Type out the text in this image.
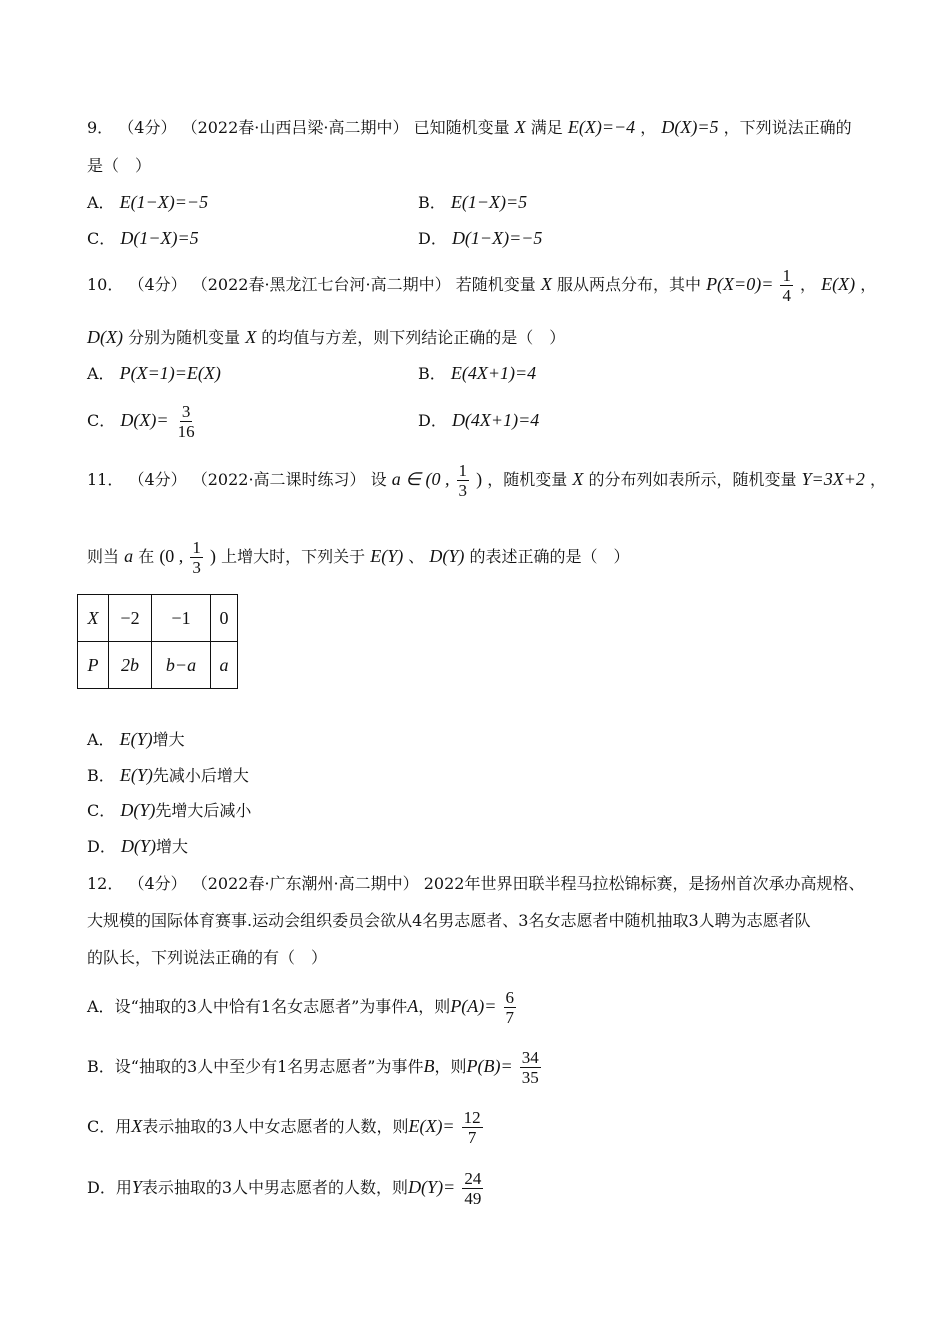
9． （4分） （2022春·山西吕梁·高二期中） 已知随机变量 X 满足 E(X)=−4 ， D(X)=5 ，下列说法正确的
是（　）
A． E(1−X)=−5	B． E(1−X)=5
C． D(1−X)=5	D． D(1−X)=−5
10． （4分） （2022春·黑龙江七台河·高二期中） 若随机变量 X 服从两点分布，其中 $P(X=0)= \frac{1}{4}$ ， E(X) ，
D(X) 分别为随机变量 X 的均值与方差，则下列结论正确的是（　）
A． P(X=1)=E(X)	B． E(4X+1)=4
C． $D(X)= \frac{3}{16}$	D． D(4X+1)=4
11． （4分） （2022·高二课时练习） 设 a ∈ (0 , $\frac{1}{3}$ ) ，随机变量 X 的分布列如表所示，随机变量 Y=3X+2 ，
则当 a 在 (0 , $\frac{1}{3}$ ) 上增大时，下列关于 E(Y) 、 D(Y) 的表述正确的是（　）
X	−2	−1	0
P	2b	b−a	a
A． E(Y)增大
B． E(Y)先减小后增大
C． D(Y)先增大后减小
D． D(Y)增大
12． （4分） （2022春·广东潮州·高二期中） 2022年世界田联半程马拉松锦标赛，是扬州首次承办高规格、
大规模的国际体育赛事.运动会组织委员会欲从4名男志愿者、3名女志愿者中随机抽取3人聘为志愿者队
的队长，下列说法正确的有（　）
A．设“抽取的3人中恰有1名女志愿者”为事件A，则$P(A)= \frac{6}{7}$
B．设“抽取的3人中至少有1名男志愿者”为事件B，则$P(B)= \frac{34}{35}$
C．用X表示抽取的3人中女志愿者的人数，则$E(X)= \frac{12}{7}$
D．用Y表示抽取的3人中男志愿者的人数，则$D(Y)= \frac{24}{49}$
